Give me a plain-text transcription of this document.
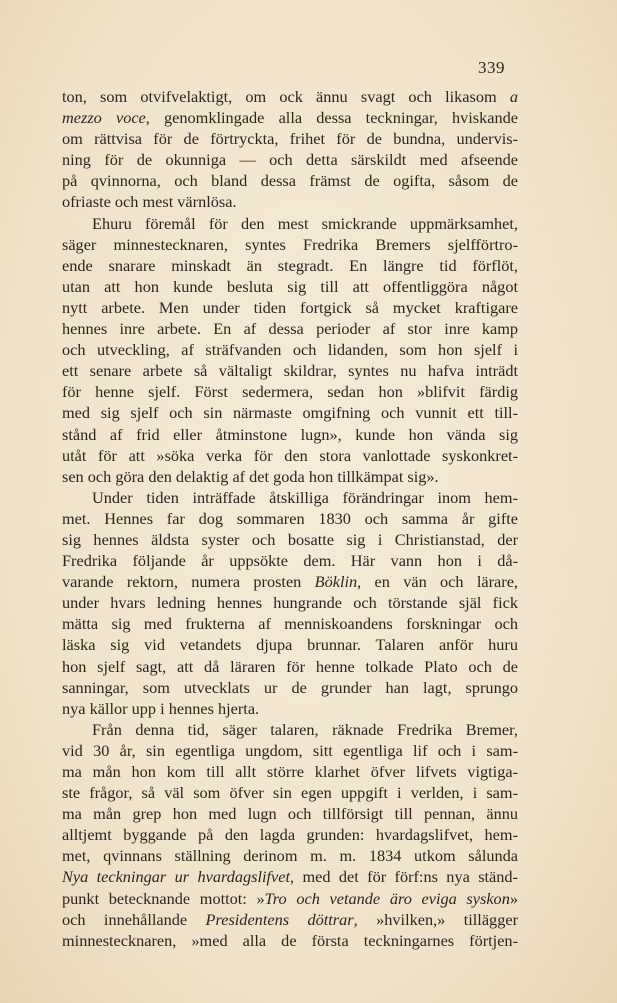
339
ton, som otvifvelaktigt, om ock ännu svagt och likasom a
mezzo voce, genomklingade alla dessa teckningar, hviskande
om rättvisa för de förtryckta, frihet för de bundna, undervis-
ning för de okunniga — och detta särskildt med afseende
på qvinnorna, och bland dessa främst de ogifta, såsom de
ofriaste och mest värnlösa.
Ehuru föremål för den mest smickrande uppmärksamhet,
säger minnestecknaren, syntes Fredrika Bremers sjelfförtro-
ende snarare minskadt än stegradt. En längre tid förflöt,
utan att hon kunde besluta sig till att offentliggöra något
nytt arbete. Men under tiden fortgick så mycket kraftigare
hennes inre arbete. En af dessa perioder af stor inre kamp
och utveckling, af sträfvanden och lidanden, som hon sjelf i
ett senare arbete så vältaligt skildrar, syntes nu hafva inträdt
för henne sjelf. Först sedermera, sedan hon »blifvit färdig
med sig sjelf och sin närmaste omgifning och vunnit ett till-
stånd af frid eller åtminstone lugn», kunde hon vända sig
utåt för att »söka verka för den stora vanlottade syskonkret-
sen och göra den delaktig af det goda hon tillkämpat sig».
Under tiden inträffade åtskilliga förändringar inom hem-
met. Hennes far dog sommaren 1830 och samma år gifte
sig hennes äldsta syster och bosatte sig i Christianstad, der
Fredrika följande år uppsökte dem. Här vann hon i då-
varande rektorn, numera prosten Böklin, en vän och lärare,
under hvars ledning hennes hungrande och törstande själ fick
mätta sig med frukterna af menniskoandens forskningar och
läska sig vid vetandets djupa brunnar. Talaren anför huru
hon sjelf sagt, att då läraren för henne tolkade Plato och de
sanningar, som utvecklats ur de grunder han lagt, sprungo
nya källor upp i hennes hjerta.
Från denna tid, säger talaren, räknade Fredrika Bremer,
vid 30 år, sin egentliga ungdom, sitt egentliga lif och i sam-
ma mån hon kom till allt större klarhet öfver lifvets vigtiga-
ste frågor, så väl som öfver sin egen uppgift i verlden, i sam-
ma mån grep hon med lugn och tillförsigt till pennan, ännu
alltjemt byggande på den lagda grunden: hvardagslifvet, hem-
met, qvinnans ställning derinom m. m. 1834 utkom sålunda
Nya teckningar ur hvardagslifvet, med det för förf:ns nya ständ-
punkt betecknande mottot: »Tro och vetande äro eviga syskon»
och innehållande Presidentens döttrar, »hvilken,» tillägger
minnestecknaren, »med alla de första teckningarnes förtjen-
